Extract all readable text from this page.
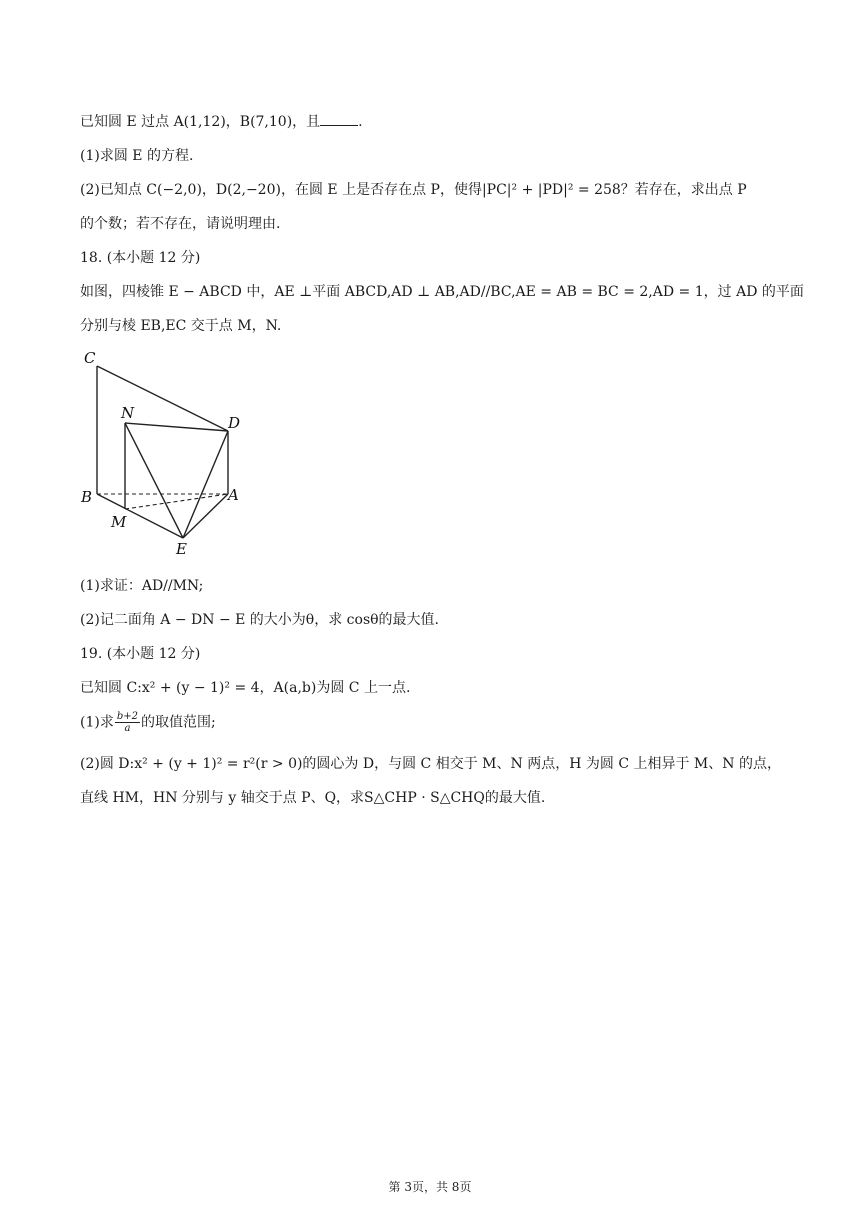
已知圆 E 过点 A(1,12)，B(7,10)，且	.
(1)求圆 E 的方程.
(2)已知点 C(−2,0)，D(2,−20)，在圆 E 上是否存在点 P，使得|PC|² + |PD|² = 258？若存在，求出点 P
的个数；若不存在，请说明理由.
18. (本小题 12 分)
如图，四棱锥 E − ABCD 中，AE ⊥平面 ABCD,AD ⊥ AB,AD//BC,AE = AB = BC = 2,AD = 1，过 AD 的平面
分别与棱 EB,EC 交于点 M，N.
C
N
D
B	A
M
E
(1)求证：AD//MN;
(2)记二面角 A − DN − E 的大小为θ，求 cosθ的最大值.
19. (本小题 12 分)
已知圆 C:x² + (y − 1)² = 4，A(a,b)为圆 C 上一点.
(1)求 $\frac{b+2}{a}$ 的取值范围;
(2)圆 D:x² + (y + 1)² = r²(r > 0)的圆心为 D，与圆 C 相交于 M、N 两点，H 为圆 C 上相异于 M、N 的点，
直线 HM，HN 分别与 y 轴交于点 P、Q，求S△CHP · S△CHQ的最大值.
第 3页，共 8页
